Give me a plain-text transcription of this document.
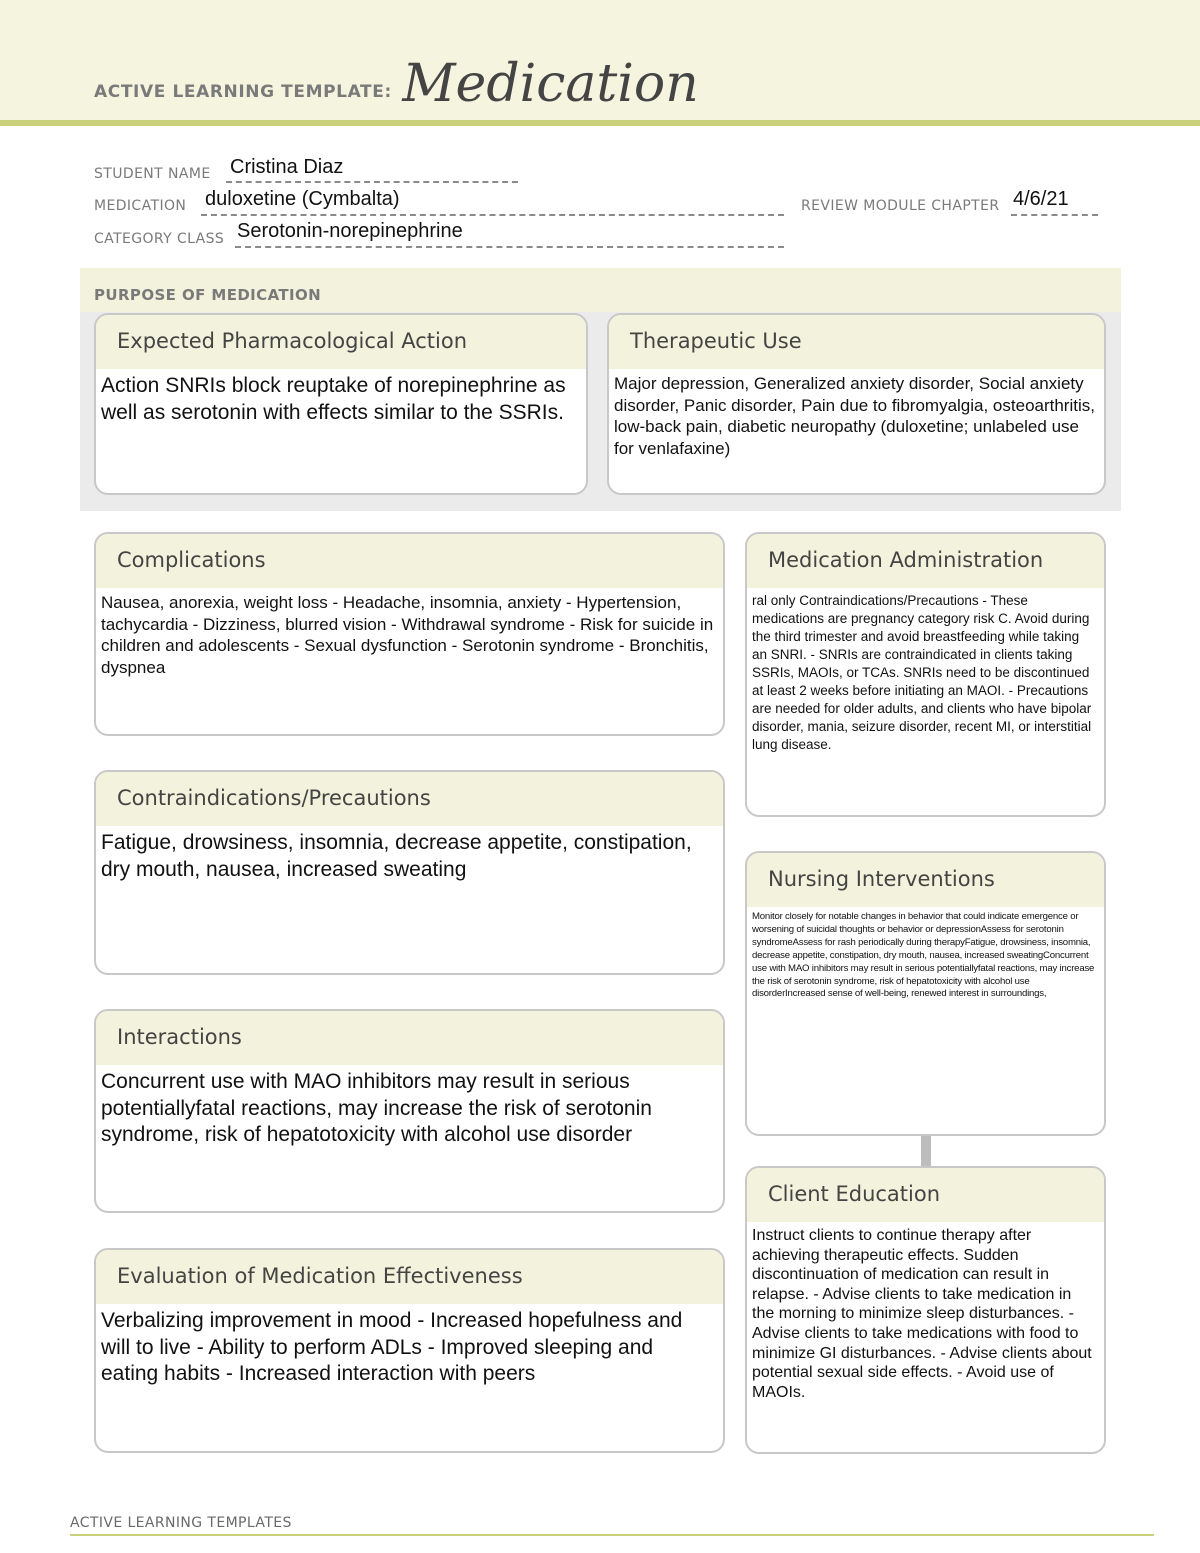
ACTIVE LEARNING TEMPLATE: Medication
STUDENT NAME Cristina Diaz
MEDICATION duloxetine (Cymbalta)	REVIEW MODULE CHAPTER 4/6/21
CATEGORY CLASS Serotonin-norepinephrine
PURPOSE OF MEDICATION
Expected Pharmacological Action
Action SNRIs block reuptake of norepinephrine as well as serotonin with effects similar to the SSRIs.
Therapeutic Use
Major depression, Generalized anxiety disorder, Social anxiety disorder, Panic disorder, Pain due to fibromyalgia, osteoarthritis, low-back pain, diabetic neuropathy (duloxetine; unlabeled use for venlafaxine)
Complications
Nausea, anorexia, weight loss - Headache, insomnia, anxiety - Hypertension, tachycardia - Dizziness, blurred vision - Withdrawal syndrome - Risk for suicide in children and adolescents - Sexual dysfunction - Serotonin syndrome - Bronchitis, dyspnea
Contraindications/Precautions
Fatigue, drowsiness, insomnia, decrease appetite, constipation, dry mouth, nausea, increased sweating
Interactions
Concurrent use with MAO inhibitors may result in serious potentiallyfatal reactions, may increase the risk of serotonin syndrome, risk of hepatotoxicity with alcohol use disorder
Evaluation of Medication Effectiveness
Verbalizing improvement in mood - Increased hopefulness and will to live - Ability to perform ADLs - Improved sleeping and eating habits - Increased interaction with peers
Medication Administration
ral only Contraindications/Precautions - These medications are pregnancy category risk C. Avoid during the third trimester and avoid breastfeeding while taking an SNRI. - SNRIs are contraindicated in clients taking SSRIs, MAOIs, or TCAs. SNRIs need to be discontinued at least 2 weeks before initiating an MAOI. - Precautions are needed for older adults, and clients who have bipolar disorder, mania, seizure disorder, recent MI, or interstitial lung disease.
Nursing Interventions
Monitor closely for notable changes in behavior that could indicate emergence or worsening of suicidal thoughts or behavior or depressionAssess for serotonin syndromeAssess for rash periodically during therapyFatigue, drowsiness, insomnia, decrease appetite, constipation, dry mouth, nausea, increased sweatingConcurrent use with MAO inhibitors may result in serious potentiallyfatal reactions, may increase the risk of serotonin syndrome, risk of hepatotoxicity with alcohol use disorderIncreased sense of well-being, renewed interest in surroundings,
Client Education
Instruct clients to continue therapy after achieving therapeutic effects. Sudden discontinuation of medication can result in relapse. - Advise clients to take medication in the morning to minimize sleep disturbances. - Advise clients to take medications with food to minimize GI disturbances. - Advise clients about potential sexual side effects. - Avoid use of MAOIs.
ACTIVE LEARNING TEMPLATES
